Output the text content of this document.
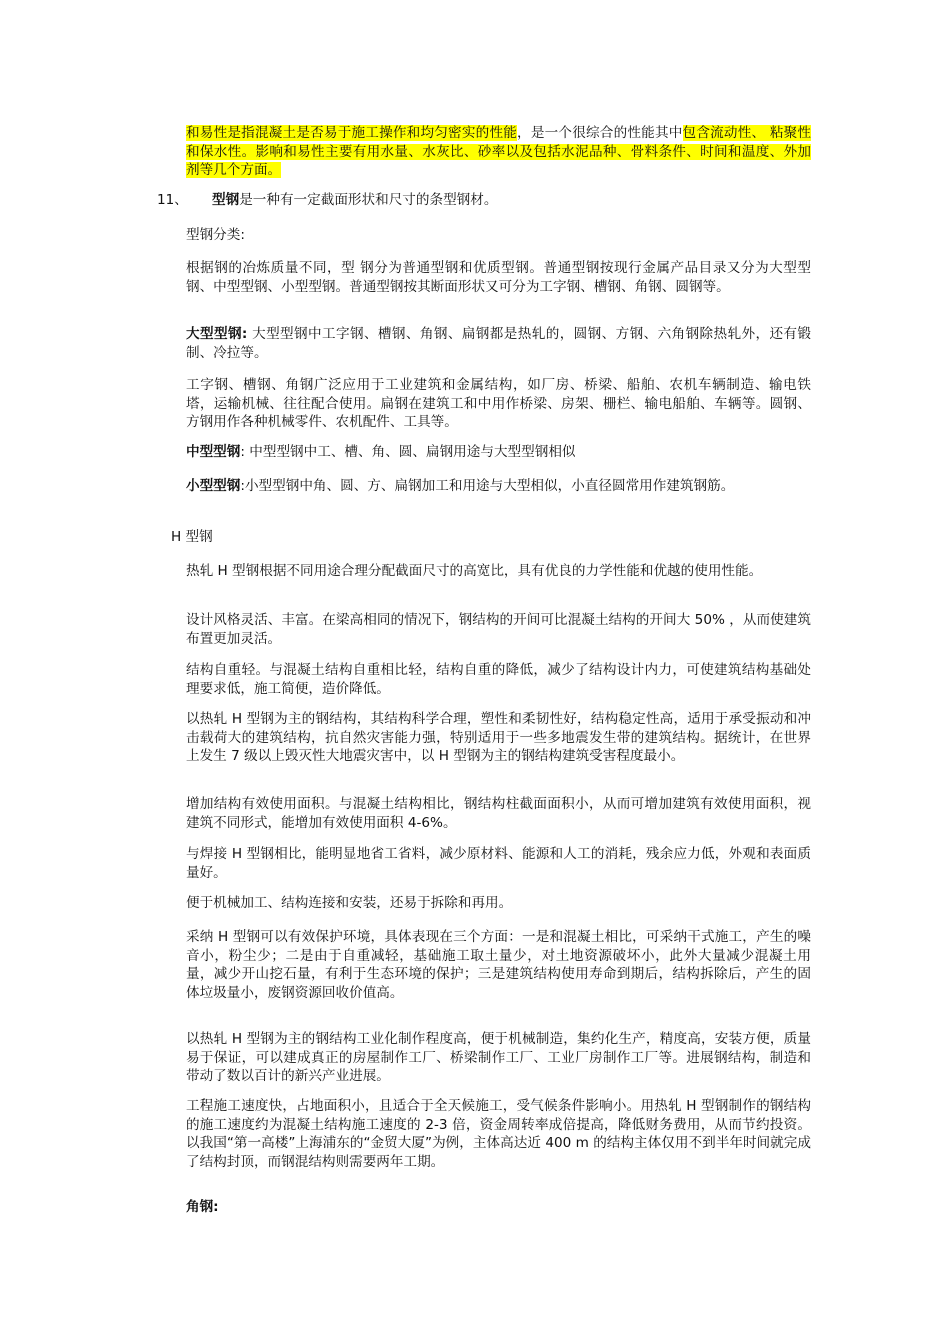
和易性是指混凝土是否易于施工操作和均匀密实的性能，是一个很综合的性能其中包含流动性、 粘聚性和保水性。影响和易性主要有用水量、水灰比、砂率以及包括水泥品种、骨料条件、时间和温度、外加剂等几个方面。

11、 型钢是一种有一定截面形状和尺寸的条型钢材。

型钢分类:

根据钢的冶炼质量不同，型 钢分为普通型钢和优质型钢。普通型钢按现行金属产品目录又分为大型型钢、中型型钢、小型型钢。普通型钢按其断面形状又可分为工字钢、槽钢、角钢、圆钢等。

大型型钢: 大型型钢中工字钢、槽钢、角钢、扁钢都是热轧的，圆钢、方钢、六角钢除热轧外，还有锻制、冷拉等。

工字钢、槽钢、角钢广泛应用于工业建筑和金属结构，如厂房、桥梁、船舶、农机车辆制造、输电铁塔，运输机械、往往配合使用。扁钢在建筑工和中用作桥梁、房架、栅栏、输电船舶、车辆等。圆钢、方钢用作各种机械零件、农机配件、工具等。

中型型钢: 中型型钢中工、槽、角、圆、扁钢用途与大型型钢相似

小型型钢:小型型钢中角、圆、方、扁钢加工和用途与大型相似，小直径圆常用作建筑钢筋。

H 型钢

热轧 H 型钢根据不同用途合理分配截面尺寸的高宽比，具有优良的力学性能和优越的使用性能。

设计风格灵活、丰富。在梁高相同的情况下，钢结构的开间可比混凝土结构的开间大 50% ，从而使建筑布置更加灵活。

结构自重轻。与混凝土结构自重相比轻，结构自重的降低，减少了结构设计内力，可使建筑结构基础处理要求低，施工简便，造价降低。

以热轧 H 型钢为主的钢结构，其结构科学合理，塑性和柔韧性好，结构稳定性高，适用于承受振动和冲击载荷大的建筑结构，抗自然灾害能力强，特别适用于一些多地震发生带的建筑结构。据统计，在世界上发生 7 级以上毁灭性大地震灾害中，以 H 型钢为主的钢结构建筑受害程度最小。

增加结构有效使用面积。与混凝土结构相比，钢结构柱截面面积小，从而可增加建筑有效使用面积，视建筑不同形式，能增加有效使用面积 4-6%。

与焊接 H 型钢相比，能明显地省工省料，减少原材料、能源和人工的消耗，残余应力低，外观和表面质量好。

便于机械加工、结构连接和安装，还易于拆除和再用。

采纳 H 型钢可以有效保护环境，具体表现在三个方面：一是和混凝土相比，可采纳干式施工，产生的噪音小，粉尘少；二是由于自重减轻，基础施工取土量少，对土地资源破坏小，此外大量减少混凝土用量，减少开山挖石量，有利于生态环境的保护；三是建筑结构使用寿命到期后，结构拆除后，产生的固体垃圾量小，废钢资源回收价值高。

以热轧 H 型钢为主的钢结构工业化制作程度高，便于机械制造，集约化生产，精度高，安装方便，质量易于保证，可以建成真正的房屋制作工厂、桥梁制作工厂、工业厂房制作工厂等。进展钢结构，制造和带动了数以百计的新兴产业进展。

工程施工速度快，占地面积小，且适合于全天候施工，受气候条件影响小。用热轧 H 型钢制作的钢结构的施工速度约为混凝土结构施工速度的 2-3 倍，资金周转率成倍提高，降低财务费用，从而节约投资。以我国“第一高楼”上海浦东的“金贸大厦”为例，主体高达近 400 m 的结构主体仅用不到半年时间就完成了结构封顶，而钢混结构则需要两年工期。

角钢:
